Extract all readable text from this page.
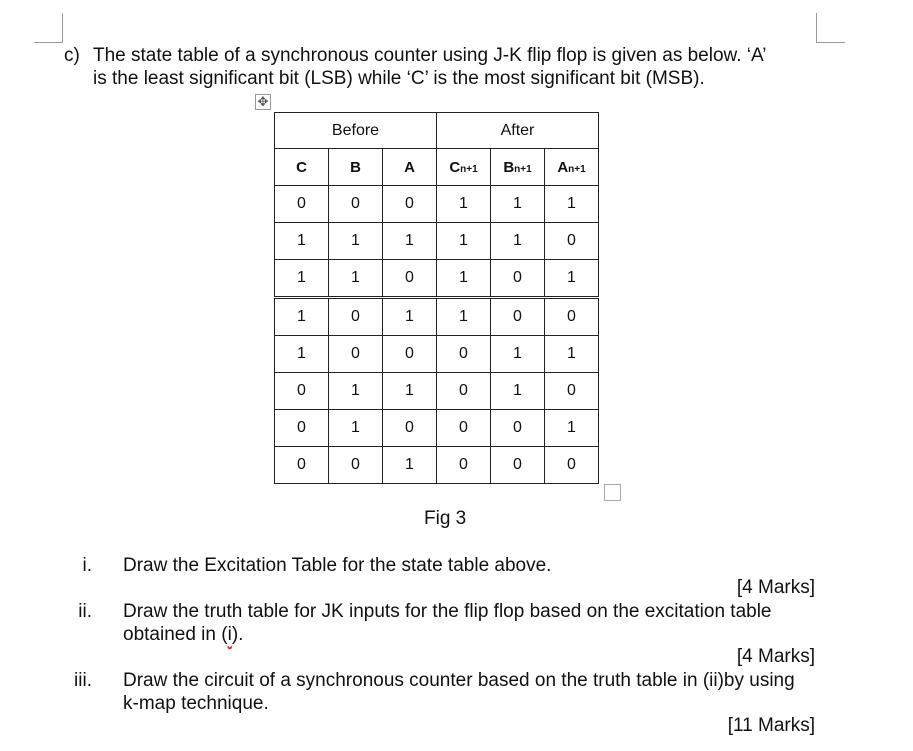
c) The state table of a synchronous counter using J-K flip flop is given as below. ‘A’
is the least significant bit (LSB) while ‘C’ is the most significant bit (MSB).
✥
Before			After		
C	B	A	Cn+1	Bn+1	An+1
0	0	0	1	1	1
1	1	1	1	1	0
1	1	0	1	0	1
1	0	1	1	0	0
1	0	0	0	1	1
0	1	1	0	1	0
0	1	0	0	0	1
0	0	1	0	0	0
Fig 3
i. Draw the Excitation Table for the state table above.
[4 Marks]
ii. Draw the truth table for JK inputs for the flip flop based on the excitation table
obtained in (i).
[4 Marks]
iii. Draw the circuit of a synchronous counter based on the truth table in (ii)by using
k-map technique.
[11 Marks]
